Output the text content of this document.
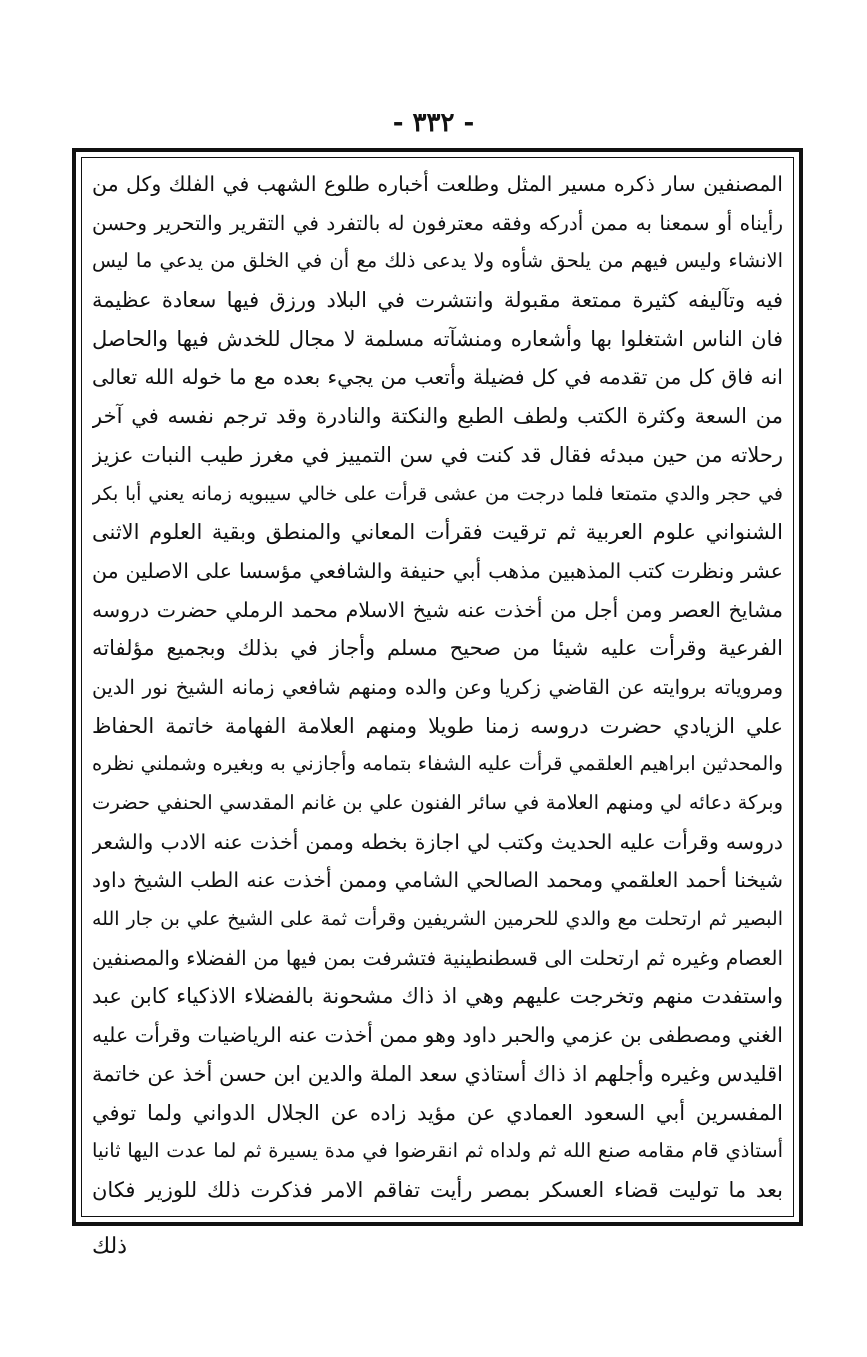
- ٣٣٢ -
المصنفين سار ذكره مسير المثل وطلعت أخباره طلوع الشهب في الفلك وكل من
رأيناه أو سمعنا به ممن أدركه وفقه معترفون له بالتفرد في التقرير والتحرير وحسن
الانشاء وليس فيهم من يلحق شأوه ولا يدعى ذلك مع أن في الخلق من يدعي ما ليس
فيه وتآليفه كثيرة ممتعة مقبولة وانتشرت في البلاد ورزق فيها سعادة عظيمة
فان الناس اشتغلوا بها وأشعاره ومنشآته مسلمة لا مجال للخدش فيها والحاصل
انه فاق كل من تقدمه في كل فضيلة وأتعب من يجيء بعده مع ما خوله الله تعالى
من السعة وكثرة الكتب ولطف الطبع والنكتة والنادرة وقد ترجم نفسه في آخر
رحلاته من حين مبدئه فقال قد كنت في سن التمييز في مغرز طيب النبات عزيز
في حجر والدي متمتعا فلما درجت من عشى قرأت على خالي سيبويه زمانه يعني أبا بكر
الشنواني علوم العربية ثم ترقيت فقرأت المعاني والمنطق وبقية العلوم الاثنى
عشر ونظرت كتب المذهبين مذهب أبي حنيفة والشافعي مؤسسا على الاصلين من
مشايخ العصر ومن أجل من أخذت عنه شيخ الاسلام محمد الرملي حضرت دروسه
الفرعية وقرأت عليه شيئا من صحيح مسلم وأجاز في بذلك وبجميع مؤلفاته
ومروياته بروايته عن القاضي زكريا وعن والده ومنهم شافعي زمانه الشيخ نور الدين
علي الزيادي حضرت دروسه زمنا طويلا ومنهم العلامة الفهامة خاتمة الحفاظ
والمحدثين ابراهيم العلقمي قرأت عليه الشفاء بتمامه وأجازني به وبغيره وشملني نظره
وبركة دعائه لي ومنهم العلامة في سائر الفنون علي بن غانم المقدسي الحنفي حضرت
دروسه وقرأت عليه الحديث وكتب لي اجازة بخطه وممن أخذت عنه الادب والشعر
شيخنا أحمد العلقمي ومحمد الصالحي الشامي وممن أخذت عنه الطب الشيخ داود
البصير ثم ارتحلت مع والدي للحرمين الشريفين وقرأت ثمة على الشيخ علي بن جار الله
العصام وغيره ثم ارتحلت الى قسطنطينية فتشرفت بمن فيها من الفضلاء والمصنفين
واستفدت منهم وتخرجت عليهم وهي اذ ذاك مشحونة بالفضلاء الاذكياء كابن عبد
الغني ومصطفى بن عزمي والحبر داود وهو ممن أخذت عنه الرياضيات وقرأت عليه
اقليدس وغيره وأجلهم اذ ذاك أستاذي سعد الملة والدين ابن حسن أخذ عن خاتمة
المفسرين أبي السعود العمادي عن مؤيد زاده عن الجلال الدواني ولما توفي
أستاذي قام مقامه صنع الله ثم ولداه ثم انقرضوا في مدة يسيرة ثم لما عدت اليها ثانيا
بعد ما توليت قضاء العسكر بمصر رأيت تفاقم الامر فذكرت ذلك للوزير فكان
ذلك
